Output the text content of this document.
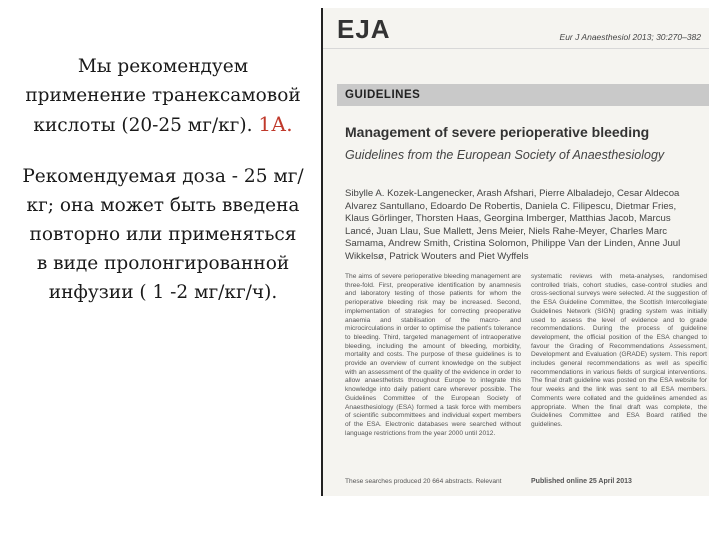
Мы рекомендуем применение транексамовой кислоты (20-25 мг/кг). 1А.
Рекомендуемая доза - 25 мг/кг; она может быть введена повторно или применяться в виде пролонгированной инфузии ( 1 -2 мг/кг/ч).
EJA	Eur J Anaesthesiol 2013; 30:270–382
GUIDELINES
Management of severe perioperative bleeding
Guidelines from the European Society of Anaesthesiology
Sibylle A. Kozek-Langenecker, Arash Afshari, Pierre Albaladejo, Cesar Aldecoa Alvarez Santullano, Edoardo De Robertis, Daniela C. Filipescu, Dietmar Fries, Klaus Görlinger, Thorsten Haas, Georgina Imberger, Matthias Jacob, Marcus Lancé, Juan Llau, Sue Mallett, Jens Meier, Niels Rahe-Meyer, Charles Marc Samama, Andrew Smith, Cristina Solomon, Philippe Van der Linden, Anne Juul Wikkelsø, Patrick Wouters and Piet Wyffels
The aims of severe perioperative bleeding management are three-fold. First, preoperative identification by anamnesis and laboratory testing of those patients for whom the perioperative bleeding risk may be increased. Second, implementation of strategies for correcting preoperative anaemia and stabilisation of the macro- and microcirculations in order to optimise the patient's tolerance to bleeding. Third, targeted management of intraoperative bleeding, including the amount of bleeding, morbidity, mortality and costs. The purpose of these guidelines is to provide an overview of current knowledge on the subject with an assessment of the quality of the evidence in order to allow anaesthetists throughout Europe to integrate this knowledge into daily patient care wherever possible. The Guidelines Committee of the European Society of Anaesthesiology (ESA) formed a task force with members of scientific subcommittees and individual expert members of the ESA. Electronic databases were searched without language restrictions from the year 2000 until 2012.
systematic reviews with meta-analyses, randomised controlled trials, cohort studies, case-control studies and cross-sectional surveys were selected. At the suggestion of the ESA Guideline Committee, the Scottish Intercollegiate Guidelines Network (SIGN) grading system was initially used to assess the level of evidence and to grade recommendations. During the process of guideline development, the official position of the ESA changed to favour the Grading of Recommendations Assessment, Development and Evaluation (GRADE) system. This report includes general recommendations as well as specific recommendations in various fields of surgical interventions. The final draft guideline was posted on the ESA website for four weeks and the link was sent to all ESA members. Comments were collated and the guidelines amended as appropriate. When the final draft was complete, the Guidelines Committee and ESA Board ratified the guidelines.
These searches produced 20 664 abstracts. Relevant	Published online 25 April 2013
